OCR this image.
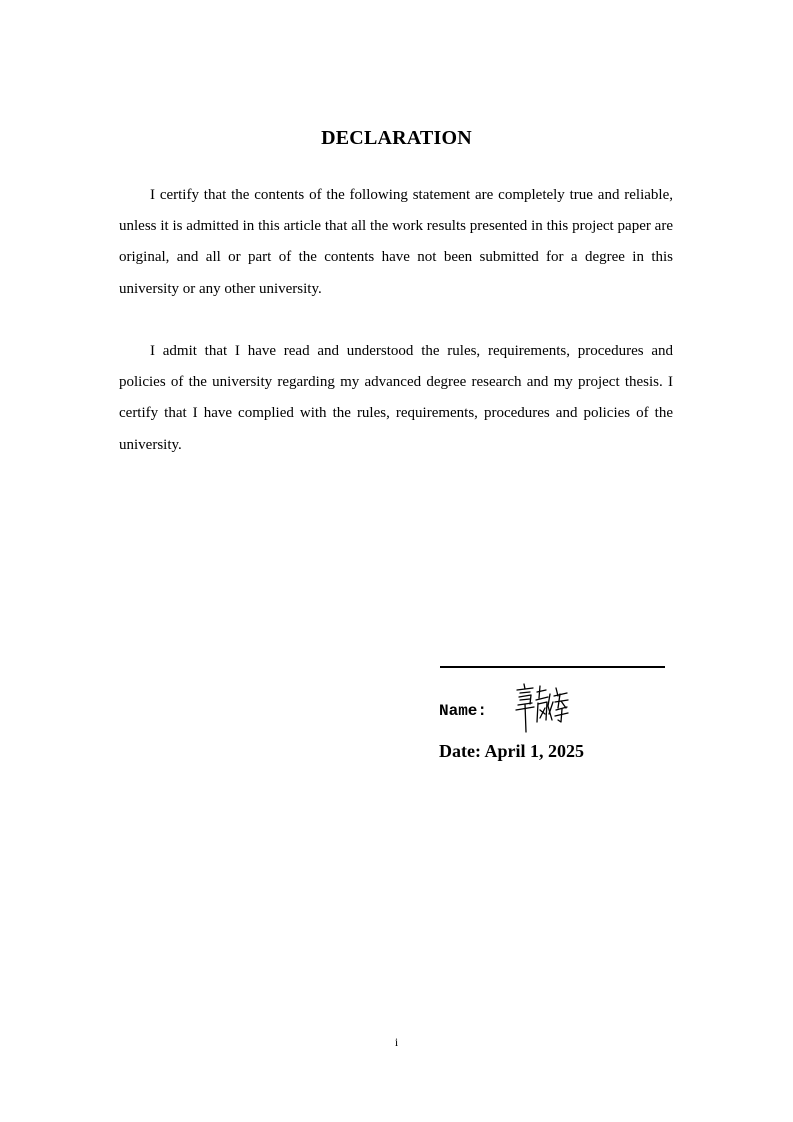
DECLARATION

I certify that the contents of the following statement are completely true and reliable, unless it is admitted in this article that all the work results presented in this project paper are original, and all or part of the contents have not been submitted for a degree in this university or any other university.

I admit that I have read and understood the rules, requirements, procedures and policies of the university regarding my advanced degree research and my project thesis. I certify that I have complied with the rules, requirements, procedures and policies of the university.

Name:
Date: April 1, 2025
i
